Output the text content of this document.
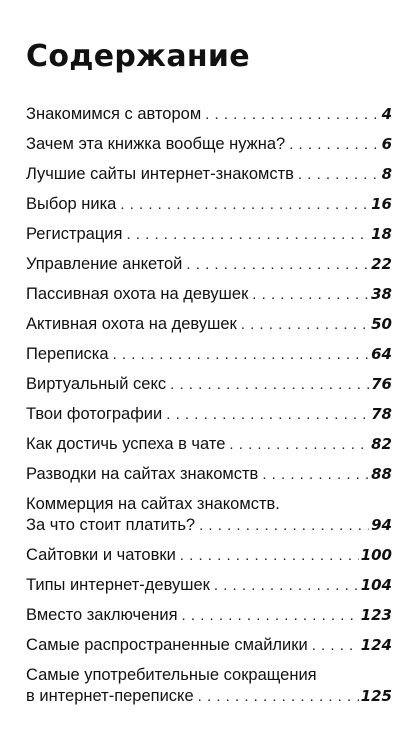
Содержание
Знакомимся с автором . . .	4
Зачем эта книжка вообще нужна? . . .	6
Лучшие сайты интернет-знакомств . . .	8
Выбор ника . . .	16
Регистрация . . .	18
Управление анкетой . . .	22
Пассивная охота на девушек . . .	38
Активная охота на девушек . . .	50
Переписка . . .	64
Виртуальный секс . . .	76
Твои фотографии . . .	78
Как достичь успеха в чате . . .	82
Разводки на сайтах знакомств . . .	88
Коммерция на сайтах знакомств.
За что стоит платить? . . .	94
Сайтовки и чатовки . . .	100
Типы интернет-девушек . . .	104
Вместо заключения . . .	123
Самые распространенные смайлики . . .	124
Самые употребительные сокращения
в интернет-переписке . . .	125
